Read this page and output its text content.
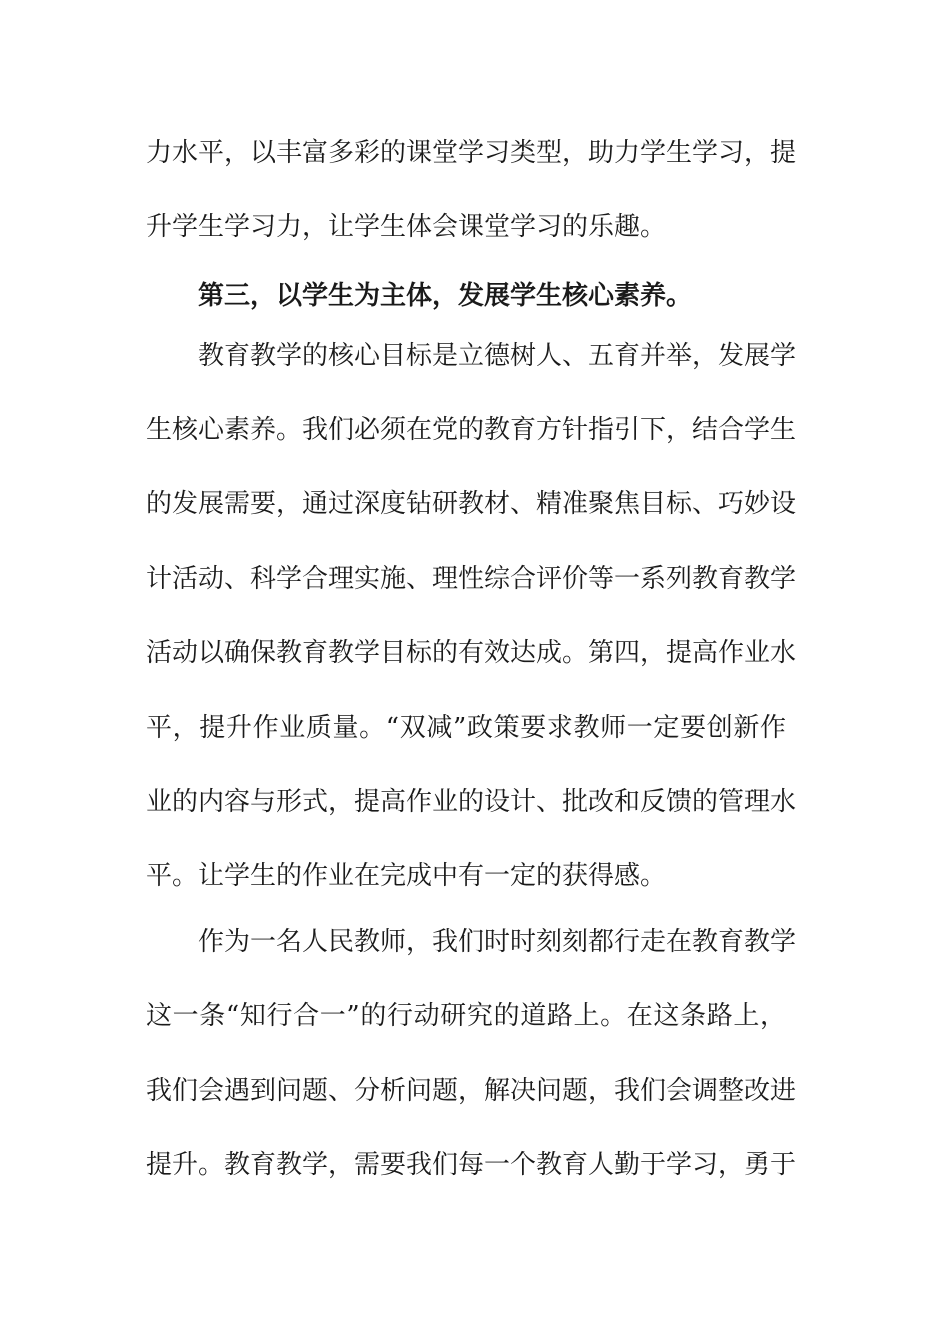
力水平，以丰富多彩的课堂学习类型，助力学生学习，提
升学生学习力，让学生体会课堂学习的乐趣。
第三，以学生为主体，发展学生核心素养。
教育教学的核心目标是立德树人、五育并举，发展学
生核心素养。我们必须在党的教育方针指引下，结合学生
的发展需要，通过深度钻研教材、精准聚焦目标、巧妙设
计活动、科学合理实施、理性综合评价等一系列教育教学
活动以确保教育教学目标的有效达成。第四，提高作业水
平，提升作业质量。“双减”政策要求教师一定要创新作
业的内容与形式，提高作业的设计、批改和反馈的管理水
平。让学生的作业在完成中有一定的获得感。
作为一名人民教师，我们时时刻刻都行走在教育教学
这一条“知行合一”的行动研究的道路上。在这条路上，
我们会遇到问题、分析问题，解决问题，我们会调整改进
提升。教育教学，需要我们每一个教育人勤于学习，勇于
